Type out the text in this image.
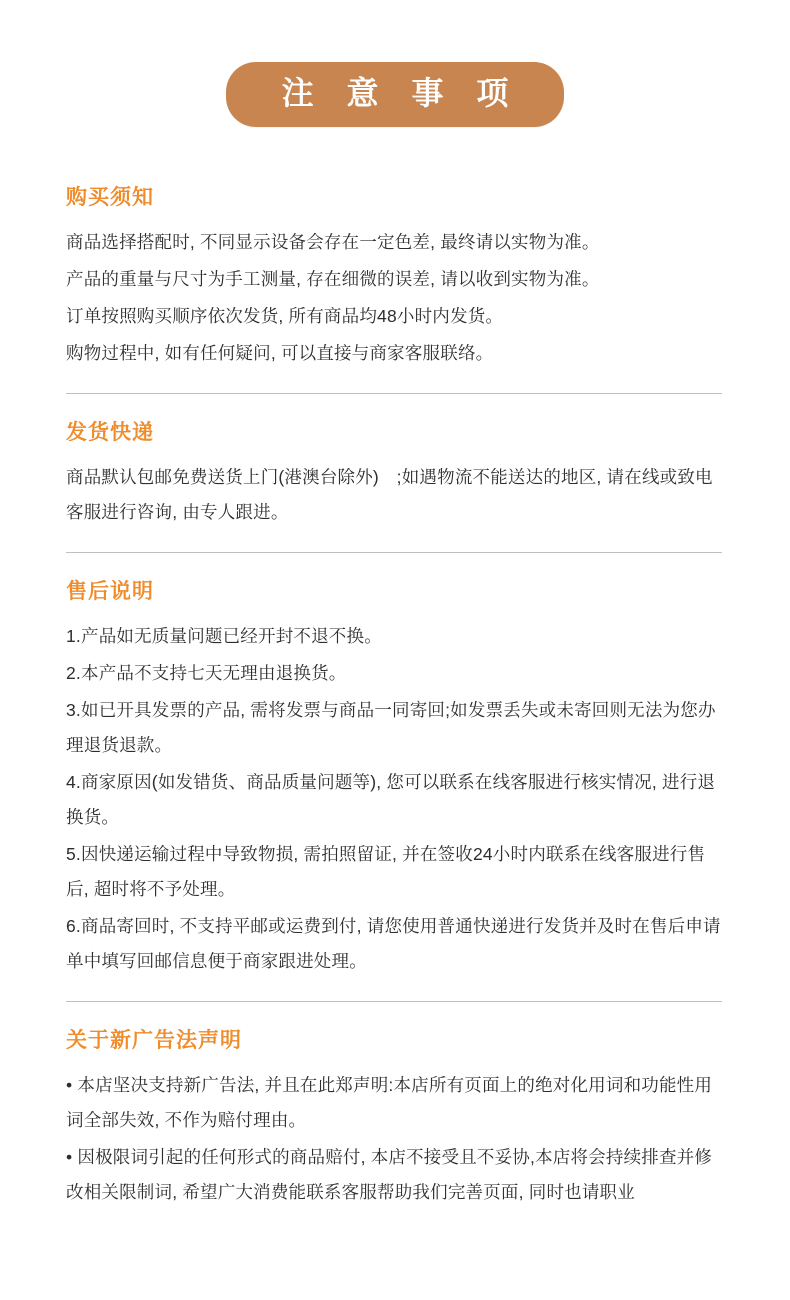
注 意 事 项
购买须知

商品选择搭配时, 不同显示设备会存在一定色差, 最终请以实物为准。

产品的重量与尺寸为手工测量, 存在细微的误差, 请以收到实物为准。

订单按照购买顺序依次发货, 所有商品均48小时内发货。

购物过程中, 如有任何疑问, 可以直接与商家客服联络。

发货快递

商品默认包邮免费送货上门(港澳台除外)　;如遇物流不能送达的地区, 请在线或致电客服进行咨询, 由专人跟进。

售后说明

1.产品如无质量问题已经开封不退不换。

2.本产品不支持七天无理由退换货。

3.如已开具发票的产品, 需将发票与商品一同寄回;如发票丢失或未寄回则无法为您办理退货退款。

4.商家原因(如发错货、商品质量问题等), 您可以联系在线客服进行核实情况, 进行退换货。

5.因快递运输过程中导致物损, 需拍照留证, 并在签收24小时内联系在线客服进行售后, 超时将不予处理。

6.商品寄回时, 不支持平邮或运费到付, 请您使用普通快递进行发货并及时在售后申请单中填写回邮信息便于商家跟进处理。

关于新广告法声明

• 本店坚决支持新广告法, 并且在此郑声明:本店所有页面上的绝对化用词和功能性用词全部失效, 不作为赔付理由。

• 因极限词引起的任何形式的商品赔付, 本店不接受且不妥协,本店将会持续排查并修改相关限制词, 希望广大消费能联系客服帮助我们完善页面, 同时也请职业
